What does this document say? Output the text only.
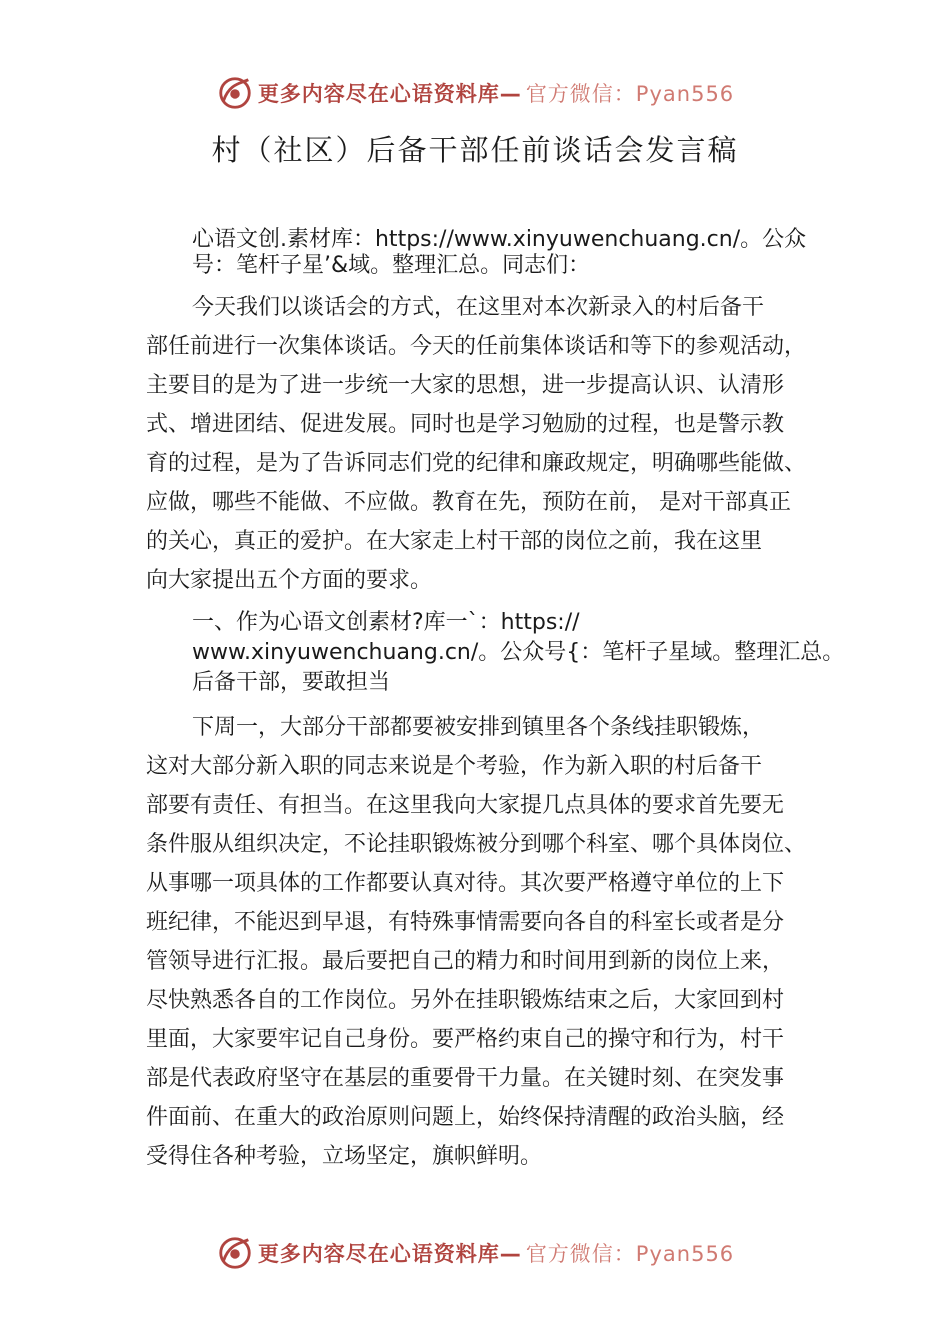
更多内容尽在心语资料库— 官方微信：Pyan556
村（社区）后备干部任前谈话会发言稿
心语文创.素材库：https://www.xinyuwenchuang.cn/。公众
号：笔杆子星’&域。整理汇总。同志们：
今天我们以谈话会的方式，在这里对本次新录入的村后备干
部任前进行一次集体谈话。今天的任前集体谈话和等下的参观活动，
主要目的是为了进一步统一大家的思想，进一步提高认识、认清形
式、增进团结、促进发展。同时也是学习勉励的过程，也是警示教
育的过程，是为了告诉同志们党的纪律和廉政规定，明确哪些能做、
应做，哪些不能做、不应做。教育在先，预防在前， 是对干部真正
的关心，真正的爱护。在大家走上村干部的岗位之前，我在这里
向大家提出五个方面的要求。
一、作为心语文创素材?库一`：https://
www.xinyuwenchuang.cn/。公众号{：笔杆子星域。整理汇总。
后备干部，要敢担当
下周一，大部分干部都要被安排到镇里各个条线挂职锻炼，
这对大部分新入职的同志来说是个考验，作为新入职的村后备干
部要有责任、有担当。在这里我向大家提几点具体的要求首先要无
条件服从组织决定，不论挂职锻炼被分到哪个科室、哪个具体岗位、
从事哪一项具体的工作都要认真对待。其次要严格遵守单位的上下
班纪律，不能迟到早退，有特殊事情需要向各自的科室长或者是分
管领导进行汇报。最后要把自己的精力和时间用到新的岗位上来，
尽快熟悉各自的工作岗位。另外在挂职锻炼结束之后，大家回到村
里面，大家要牢记自己身份。要严格约束自己的操守和行为，村干
部是代表政府坚守在基层的重要骨干力量。在关键时刻、在突发事
件面前、在重大的政治原则问题上，始终保持清醒的政治头脑，经
受得住各种考验，立场坚定，旗帜鲜明。
更多内容尽在心语资料库— 官方微信：Pyan556
